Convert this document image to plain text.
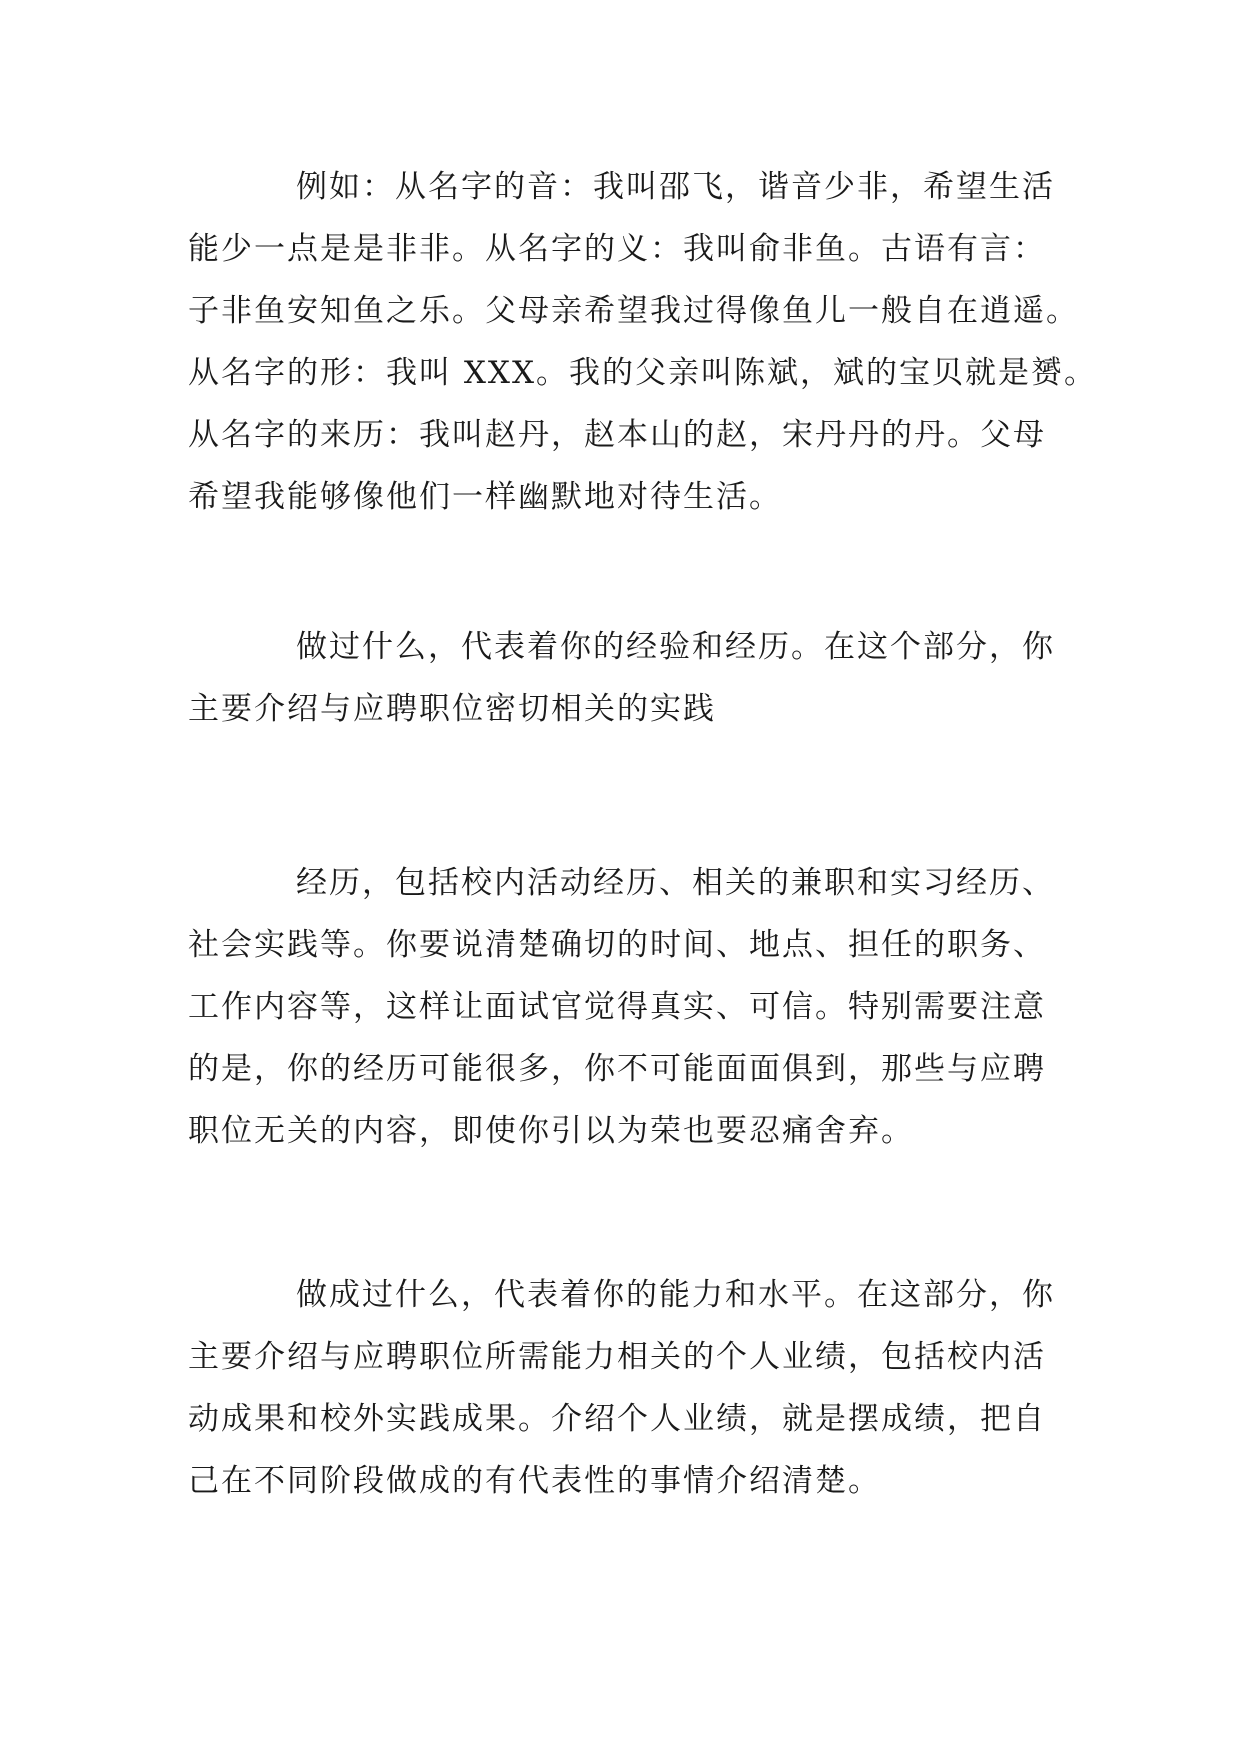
例如：从名字的音：我叫邵飞，谐音少非，希望生活
能少一点是是非非。从名字的义：我叫俞非鱼。古语有言：
子非鱼安知鱼之乐。父母亲希望我过得像鱼儿一般自在逍遥。
从名字的形：我叫 XXX。我的父亲叫陈斌，斌的宝贝就是赟。
从名字的来历：我叫赵丹，赵本山的赵，宋丹丹的丹。父母
希望我能够像他们一样幽默地对待生活。
做过什么，代表着你的经验和经历。在这个部分，你
主要介绍与应聘职位密切相关的实践
经历，包括校内活动经历、相关的兼职和实习经历、
社会实践等。你要说清楚确切的时间、地点、担任的职务、
工作内容等，这样让面试官觉得真实、可信。特别需要注意
的是，你的经历可能很多，你不可能面面俱到，那些与应聘
职位无关的内容，即使你引以为荣也要忍痛舍弃。
做成过什么，代表着你的能力和水平。在这部分，你
主要介绍与应聘职位所需能力相关的个人业绩，包括校内活
动成果和校外实践成果。介绍个人业绩，就是摆成绩，把自
己在不同阶段做成的有代表性的事情介绍清楚。
